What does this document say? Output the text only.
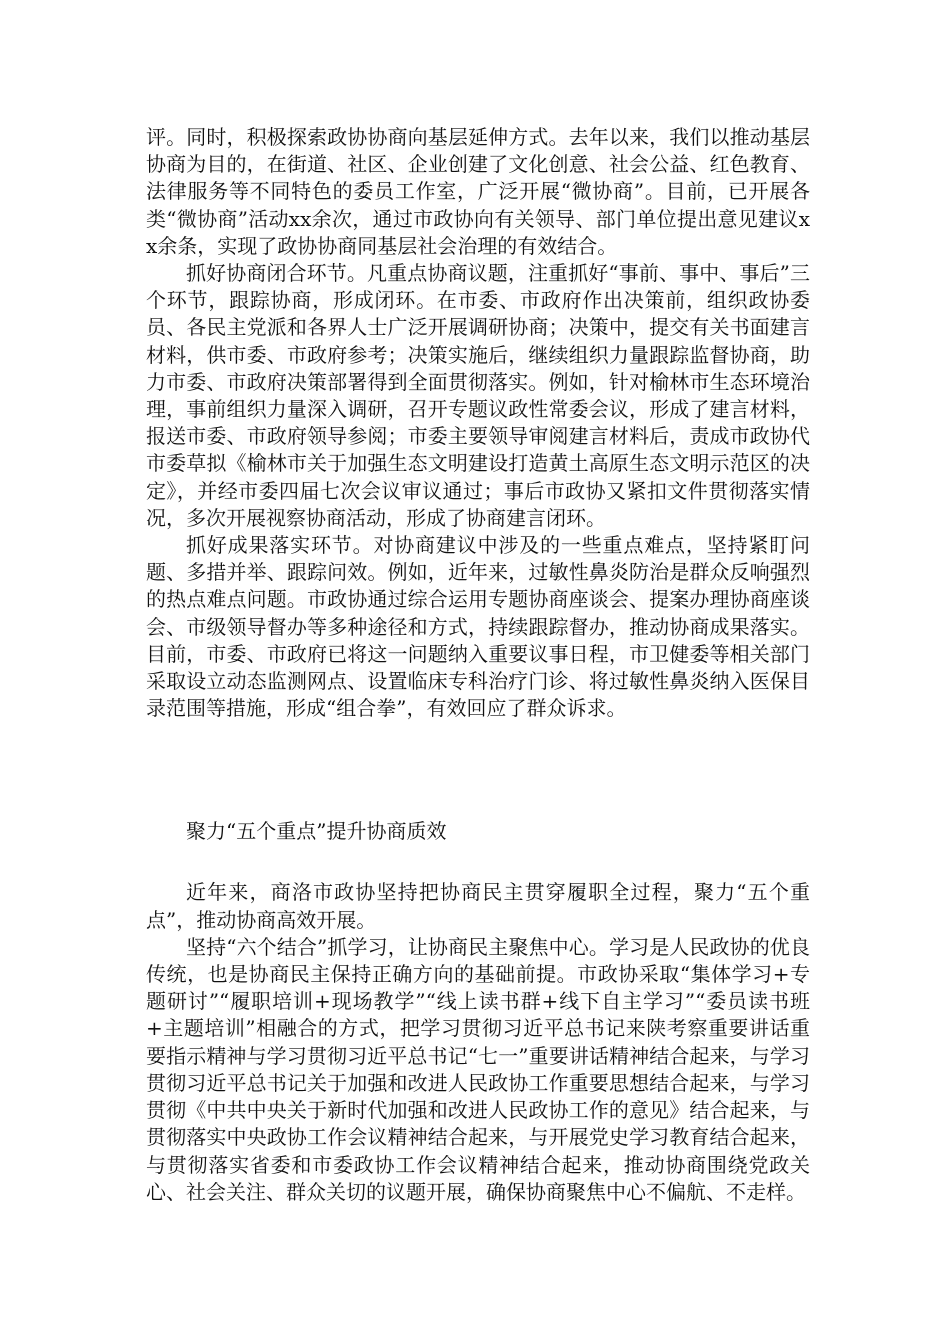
评。同时，积极探索政协协商向基层延伸方式。去年以来，我们以推动基层协商为目的，在街道、社区、企业创建了文化创意、社会公益、红色教育、法律服务等不同特色的委员工作室，广泛开展“微协商”。目前，已开展各类“微协商”活动xx余次，通过市政协向有关领导、部门单位提出意见建议xx余条，实现了政协协商同基层社会治理的有效结合。

抓好协商闭合环节。凡重点协商议题，注重抓好“事前、事中、事后”三个环节，跟踪协商，形成闭环。在市委、市政府作出决策前，组织政协委员、各民主党派和各界人士广泛开展调研协商；决策中，提交有关书面建言材料，供市委、市政府参考；决策实施后，继续组织力量跟踪监督协商，助力市委、市政府决策部署得到全面贯彻落实。例如，针对榆林市生态环境治理，事前组织力量深入调研，召开专题议政性常委会议，形成了建言材料，报送市委、市政府领导参阅；市委主要领导审阅建言材料后，责成市政协代市委草拟《榆林市关于加强生态文明建设打造黄土高原生态文明示范区的决定》，并经市委四届七次会议审议通过；事后市政协又紧扣文件贯彻落实情况，多次开展视察协商活动，形成了协商建言闭环。

抓好成果落实环节。对协商建议中涉及的一些重点难点，坚持紧盯问题、多措并举、跟踪问效。例如，近年来，过敏性鼻炎防治是群众反响强烈的热点难点问题。市政协通过综合运用专题协商座谈会、提案办理协商座谈会、市级领导督办等多种途径和方式，持续跟踪督办，推动协商成果落实。目前，市委、市政府已将这一问题纳入重要议事日程，市卫健委等相关部门采取设立动态监测网点、设置临床专科治疗门诊、将过敏性鼻炎纳入医保目录范围等措施，形成“组合拳”，有效回应了群众诉求。

聚力“五个重点”提升协商质效

近年来，商洛市政协坚持把协商民主贯穿履职全过程，聚力“五个重点”，推动协商高效开展。

坚持“六个结合”抓学习，让协商民主聚焦中心。学习是人民政协的优良传统，也是协商民主保持正确方向的基础前提。市政协采取“集体学习+专题研讨”“履职培训+现场教学”“线上读书群+线下自主学习”“委员读书班+主题培训”相融合的方式，把学习贯彻习近平总书记来陕考察重要讲话重要指示精神与学习贯彻习近平总书记“七一”重要讲话精神结合起来，与学习贯彻习近平总书记关于加强和改进人民政协工作重要思想结合起来，与学习贯彻《中共中央关于新时代加强和改进人民政协工作的意见》结合起来，与贯彻落实中央政协工作会议精神结合起来，与开展党史学习教育结合起来，与贯彻落实省委和市委政协工作会议精神结合起来，推动协商围绕党政关心、社会关注、群众关切的议题开展，确保协商聚焦中心不偏航、不走样。
